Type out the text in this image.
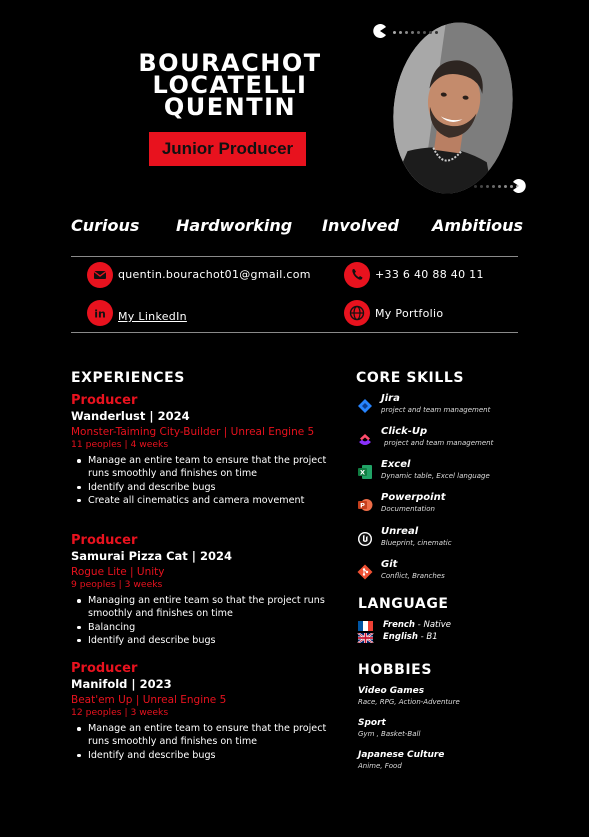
BOURACHOT
LOCATELLI
QUENTIN
Junior Producer
Curious Hardworking Involved Ambitious
quentin.bourachot01@gmail.com	+33 6 40 88 40 11
in My LinkedIn	My Portfolio
EXPERIENCES
Producer
Wanderlust | 2024
Monster-Taiming City-Builder | Unreal Engine 5
11 peoples | 4 weeks
Manage an entire team to ensure that the project runs smoothly and finishes on time
Identify and describe bugs
Create all cinematics and camera movement
Producer
Samurai Pizza Cat | 2024
Rogue Lite | Unity
9 peoples | 3 weeks
Managing an entire team so that the project runs smoothly and finishes on time
Balancing
Identify and describe bugs
Producer
Manifold | 2023
Beat'em Up | Unreal Engine 5
12 peoples | 3 weeks
Manage an entire team to ensure that the project runs smoothly and finishes on time
Identify and describe bugs
CORE SKILLS
Jira
project and team management
Click-Up
project and team management
X
Excel
Dynamic table, Excel language
P
Powerpoint
Documentation
Unreal
Blueprint, cinematic
Git
Conflict, Branches
LANGUAGE
French - Native
English - B1
HOBBIES
Video Games
Race, RPG, Action-Adventure
Sport
Gym , Basket-Ball
Japanese Culture
Anime, Food
